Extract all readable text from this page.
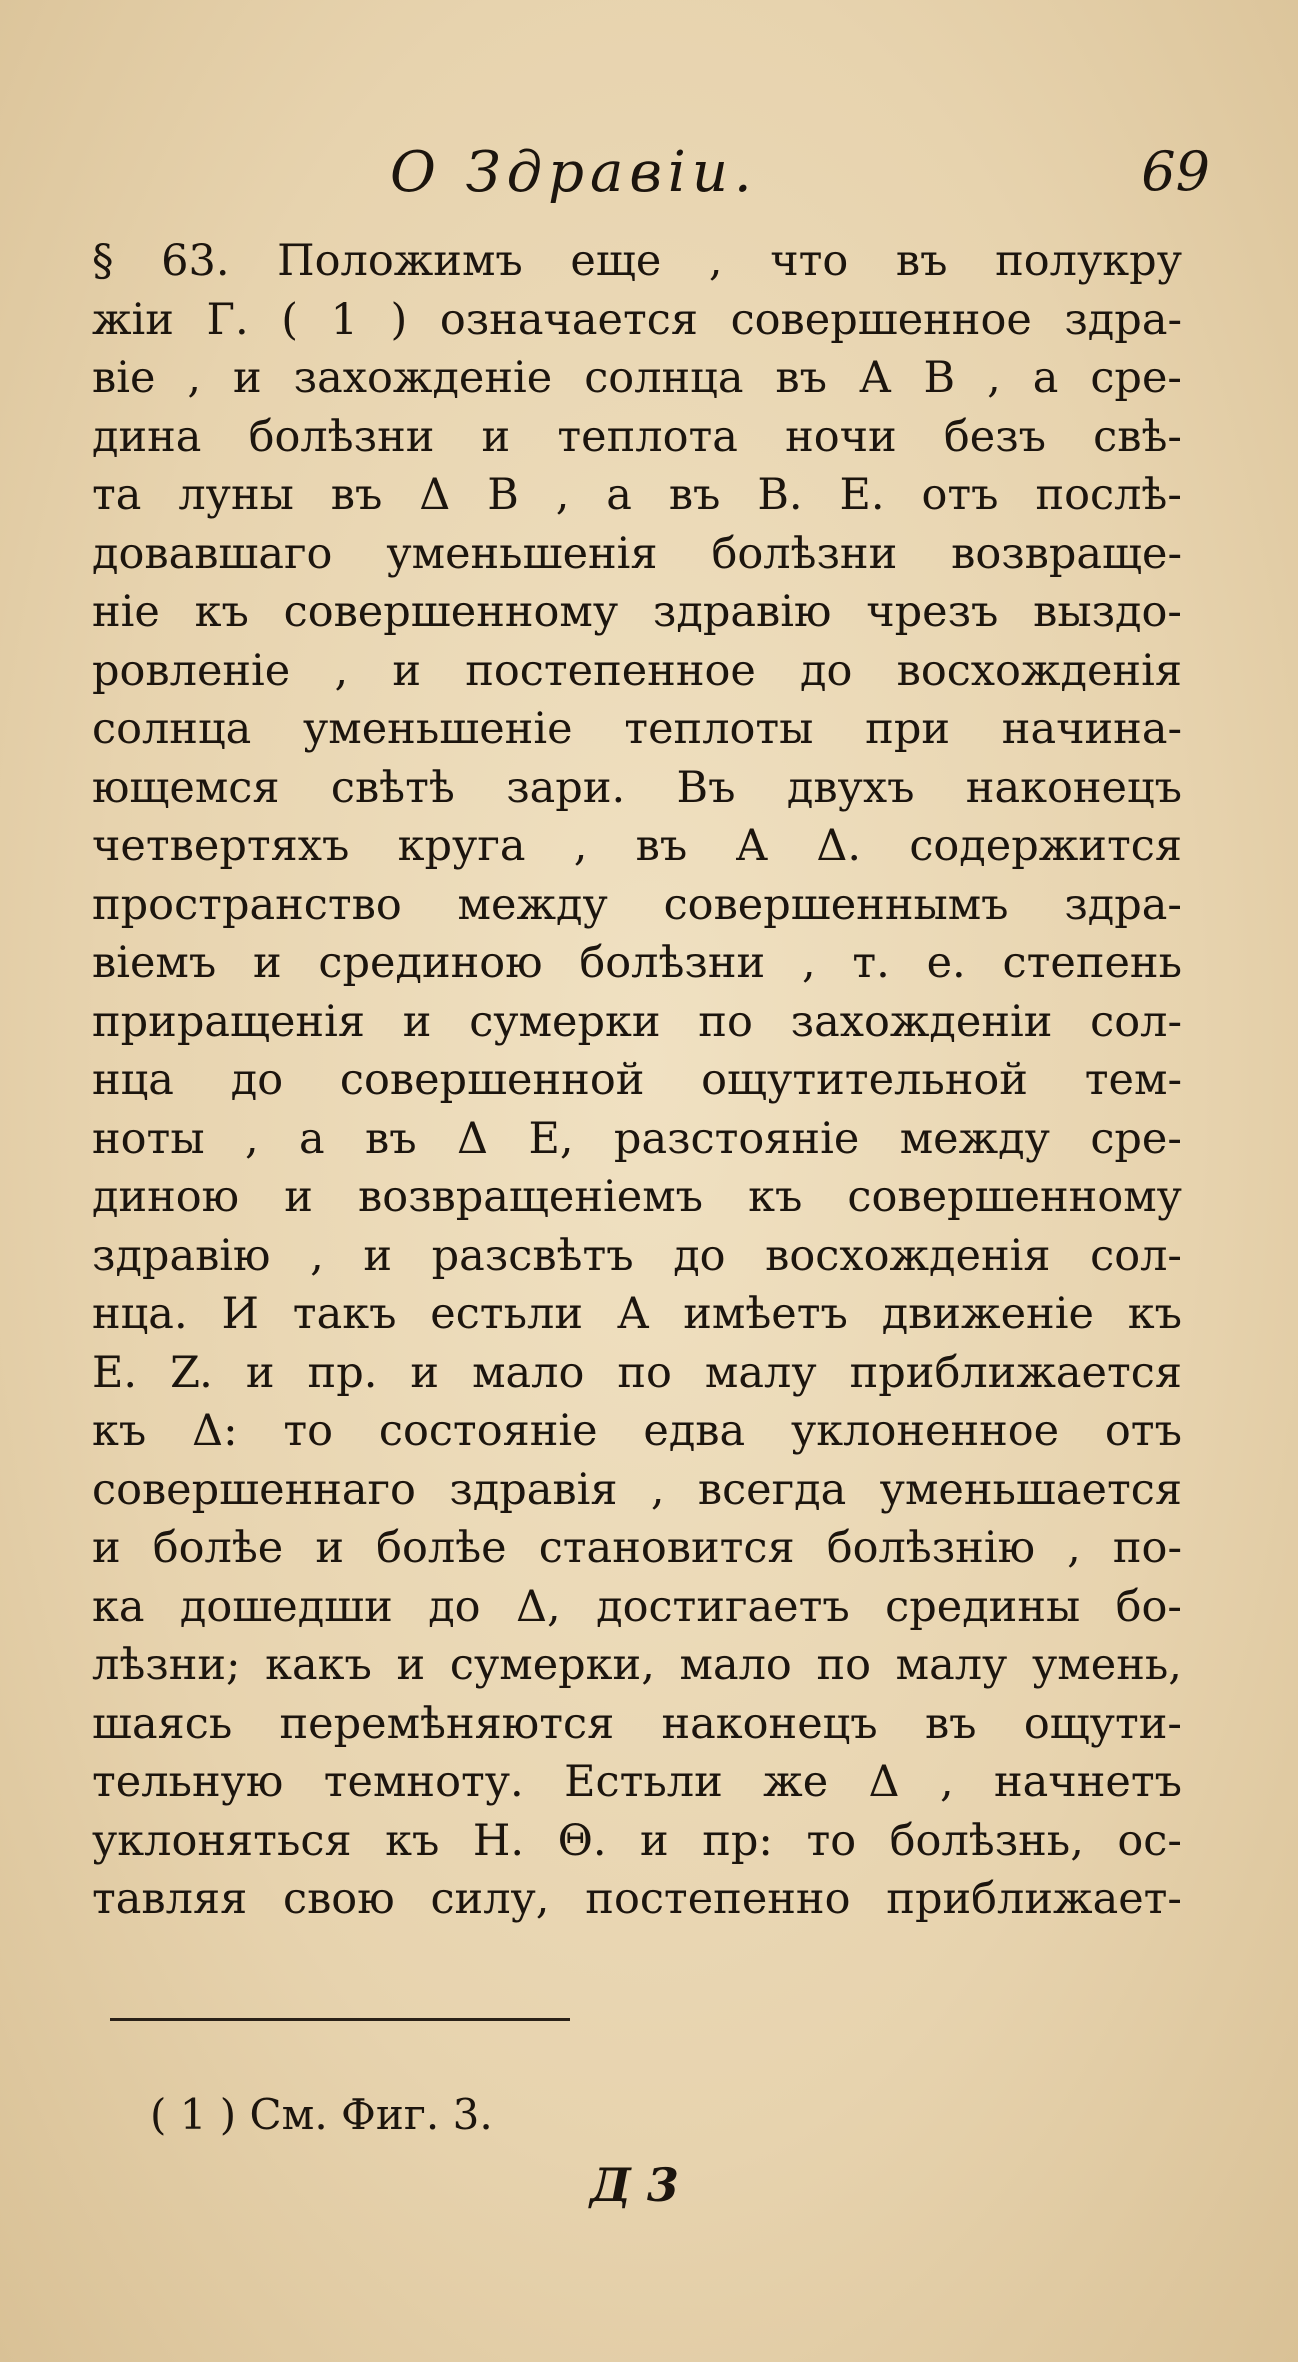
О Здравіи.	69
§ 63. Положимъ еще , что въ полукру
жіи Г. ( 1 ) означается совершенное здра-
віе , и захожденіе солнца въ А В , а сре-
дина болѣзни и теплота ночи безъ свѣ-
та луны въ Δ В , а въ В. Е. отъ послѣ-
довавшаго уменьшенія болѣзни возвраще-
ніе къ совершенному здравію чрезъ выздо-
ровленіе , и постепенное до восхожденія
солнца уменьшеніе теплоты при начина-
ющемся свѣтѣ зари. Въ двухъ наконецъ
четвертяхъ круга , въ А Δ. содержится
пространство между совершеннымъ здра-
віемъ и срединою болѣзни , т. е. степень
приращенія и сумерки по захожденіи сол-
нца до совершенной ощутительной тем-
ноты , а въ Δ Е, разстояніе между сре-
диною и возвращеніемъ къ совершенному
здравію , и разсвѣтъ до восхожденія сол-
нца. И такъ естьли А имѣетъ движеніе къ
Е. Z. и пр. и мало по малу приближается
къ Δ: то состояніе едва уклоненное отъ
совершеннаго здравія , всегда уменьшается
и болѣе и болѣе становится болѣзнію , по-
ка дошедши до Δ, достигаетъ средины бо-
лѣзни; какъ и сумерки, мало по малу умень,
шаясь перемѣняются наконецъ въ ощути-
тельную темноту. Естьли же Δ , начнетъ
уклоняться къ Н. Θ. и пр: то болѣзнь, ос-
тавляя свою силу, постепенно приближает-
( 1 ) См. Фиг. 3.
Д 3
